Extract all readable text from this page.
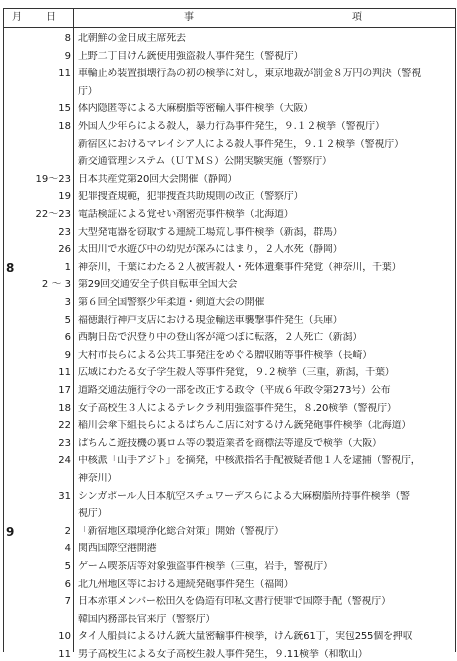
月 日	事	項
8 北朝鮮の金日成主席死去
9 上野二丁目けん銃使用強盗殺人事件発生（警視庁）
11 車輪止め装置損壊行為の初の検挙に対し，東京地裁が罰金８万円の判決（警視
庁）
15 体内隠匿等による大麻樹脂等密輸入事件検挙（大阪）
18 外国人少年らによる殺人，暴力行為事件発生，９.１２検挙（警視庁）
新宿区におけるマレイシア人による殺人事件発生，９.１２検挙（警視庁）
新交通管理システム（ＵＴＭＳ）公開実験実施（警察庁）
19～23 日本共産党第20回大会開催（静岡）
19 犯罪捜査規範，犯罪捜査共助規則の改正（警察庁）
22～23 電話検証による覚せい剤密売事件検挙（北海道）
23 大型発電器を窃取する連続工場荒し事件検挙（新潟，群馬）
26 太田川で水遊び中の幼児が深みにはまり，２人水死（静岡）
8	1 神奈川，千葉にわたる２人被害殺人・死体遺棄事件発覚（神奈川，千葉）
2 ～ 3 第29回交通安全子供自転車全国大会
3 第６回全国警察少年柔道・剣道大会の開催
5 福徳銀行神戸支店における現金輸送車襲撃事件発生（兵庫）
6 西駒日岳で沢登り中の登山客が滝つぼに転落，２人死亡（新潟）
9 大村市長らによる公共工事発注をめぐる贈収賄等事件検挙（長崎）
11 広域にわたる女子学生殺人等事件発覚，９.２検挙（三重，新潟，千葉）
17 道路交通法施行令の一部を改正する政令（平成６年政令第273号）公布
18 女子高校生３人によるテレクラ利用強盗事件発生，８.20検挙（警視庁）
22 稲川会傘下組長らによるぱちんこ店に対するけん銃発砲事件検挙（北海道）
23 ぱちんこ遊技機の裏ロム等の製造業者を商標法等違反で検挙（大阪）
24 中核派「山手アジト」を摘発，中核派指名手配被疑者他１人を逮捕（警視庁，
神奈川）
31 シンガポール人日本航空スチュワーデスらによる大麻樹脂所持事件検挙（警
視庁）
9	2 「新宿地区環境浄化総合対策」開始（警視庁）
4 関西国際空港開港
5 ゲーム喫茶店等対象強盗事件検挙（三重，岩手，警視庁）
6 北九州地区等における連続発砲事件発生（福岡）
7 日本赤軍メンバー松田久を偽造有印私文書行使罪で国際手配（警視庁）
韓国内務部長官来庁（警察庁）
10 タイ人船員によるけん銃大量密輸事件検挙，けん銃61丁，実包255個を押収
11 男子高校生による女子高校生殺人事件発生，９.11検挙（和歌山）
